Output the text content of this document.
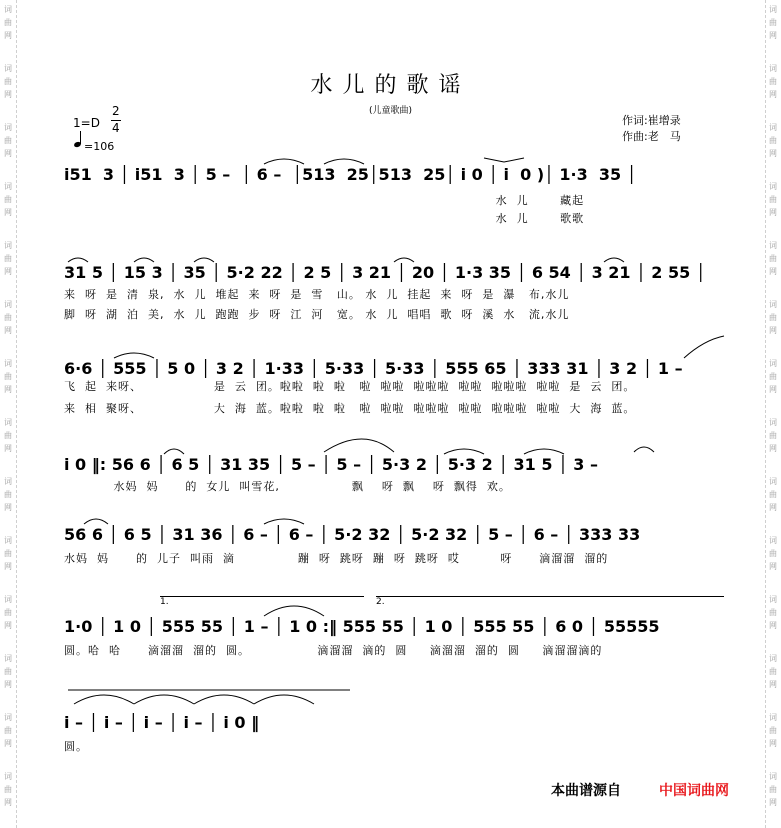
词
曲
网
词
曲
网
词
曲
网
词
曲
网
词
曲
网
词
曲
网
词
曲
网
词
曲
网
词
曲
网
词
曲
网
词
曲
网
词
曲
网
词
曲
网
词
曲
网
词
曲
网
词
曲
网
词
曲
网
词
曲
网
词
曲
网
词
曲
网
词
曲
网
词
曲
网
词
曲
网
词
曲
网
词
曲
网
词
曲
网
词
曲
网
词
曲
网
水儿的歌谣
(儿童歌曲)
作词:崔增录
作曲:老　马
1=D
2
4
=106
i51  3 │ i51  3 │ 5 –  │ 6 –  │513  25│513  25│ i 0 │ i  0 )│ 1·3  35 │
水  儿       藏起
水  儿       歌歌
31 5 │ 15 3 │ 35 │ 5·2 22 │ 2 5 │ 3 21 │ 20 │ 1·3 35 │ 6 54 │ 3 21 │ 2 55 │
来  呀  是  清  泉,  水  儿  堆起  来  呀  是  雪   山。 水  儿  挂起  来  呀  是  瀑   布,水儿
脚  呀  湖  泊  美,  水  儿  跑跑  步  呀  江  河   宽。 水  儿  唱唱  歌  呀  溪  水   流,水儿
6·6 │ 555 │ 5 0 │ 3 2 │ 1·33 │ 5·33 │ 5·33 │ 555 65 │ 333 31 │ 3 2 │ 1 –
飞  起  来呀、                是  云  团。啦啦  啦  啦   啦  啦啦  啦啦啦  啦啦  啦啦啦  啦啦  是  云  团。
来  相  聚呀、                大  海  蓝。啦啦  啦  啦   啦  啦啦  啦啦啦  啦啦  啦啦啦  啦啦  大  海  蓝。
i 0 ‖: 56 6 │ 6 5 │ 31 35 │ 5 – │ 5 – │ 5·3 2 │ 5·3 2 │ 31 5 │ 3 –
水妈  妈      的  女儿  叫雪花,                飘    呀  飘    呀  飘得  欢。
56 6 │ 6 5 │ 31 36 │ 6 – │ 6 – │ 5·2 32 │ 5·2 32 │ 5 – │ 6 – │ 333 33
水妈  妈      的  儿子  叫雨  滴              蹦  呀  跳呀  蹦  呀  跳呀  哎         呀      滴溜溜  溜的
1.	2.
1·0 │ 1 0 │ 555 55 │ 1 – │ 1 0 :‖ 555 55 │ 1 0 │ 555 55 │ 6 0 │ 55555
圆。哈  哈      滴溜溜  溜的  圆。               滴溜溜  滴的  圆     滴溜溜  溜的  圆     滴溜溜滴的
i – │ i – │ i – │ i – │ i 0 ‖
圆。
本曲谱源自	中国词曲网
